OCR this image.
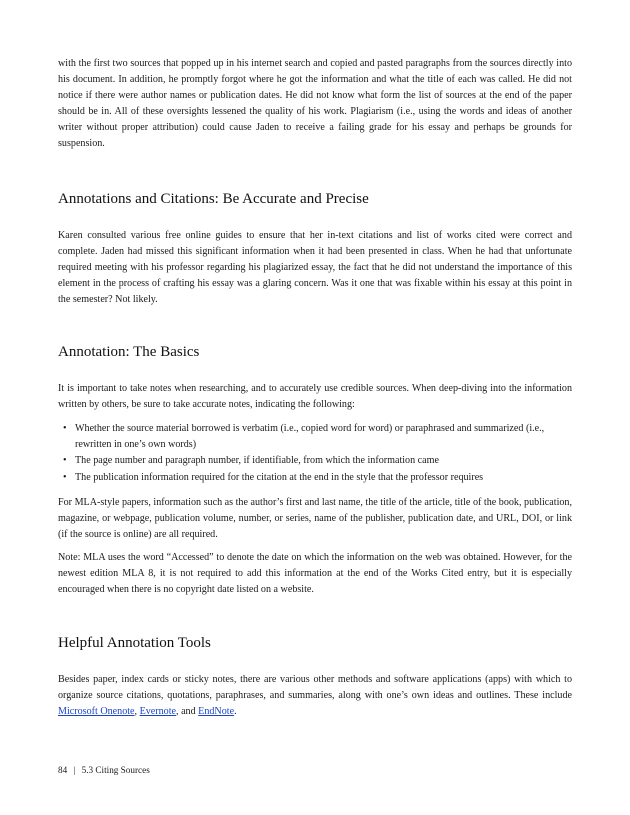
with the first two sources that popped up in his internet search and copied and pasted paragraphs from the sources directly into his document. In addition, he promptly forgot where he got the information and what the title of each was called. He did not notice if there were author names or publication dates. He did not know what form the list of sources at the end of the paper should be in. All of these oversights lessened the quality of his work. Plagiarism (i.e., using the words and ideas of another writer without proper attribution) could cause Jaden to receive a failing grade for his essay and perhaps be grounds for suspension.

Annotations and Citations: Be Accurate and Precise

Karen consulted various free online guides to ensure that her in-text citations and list of works cited were correct and complete. Jaden had missed this significant information when it had been presented in class. When he had that unfortunate required meeting with his professor regarding his plagiarized essay, the fact that he did not understand the importance of this element in the process of crafting his essay was a glaring concern. Was it one that was fixable within his essay at this point in the semester? Not likely.

Annotation: The Basics

It is important to take notes when researching, and to accurately use credible sources. When deep-diving into the information written by others, be sure to take accurate notes, indicating the following:

• Whether the source material borrowed is verbatim (i.e., copied word for word) or paraphrased and summarized (i.e., rewritten in one’s own words)
• The page number and paragraph number, if identifiable, from which the information came
• The publication information required for the citation at the end in the style that the professor requires

For MLA-style papers, information such as the author’s first and last name, the title of the article, title of the book, publication, magazine, or webpage, publication volume, number, or series, name of the publisher, publication date, and URL, DOI, or link (if the source is online) are all required.

Note: MLA uses the word “Accessed” to denote the date on which the information on the web was obtained. However, for the newest edition MLA 8, it is not required to add this information at the end of the Works Cited entry, but it is especially encouraged when there is no copyright date listed on a website.

Helpful Annotation Tools

Besides paper, index cards or sticky notes, there are various other methods and software applications (apps) with which to organize source citations, quotations, paraphrases, and summaries, along with one’s own ideas and outlines. These include Microsoft Onenote, Evernote, and EndNote.

84 | 5.3 Citing Sources
